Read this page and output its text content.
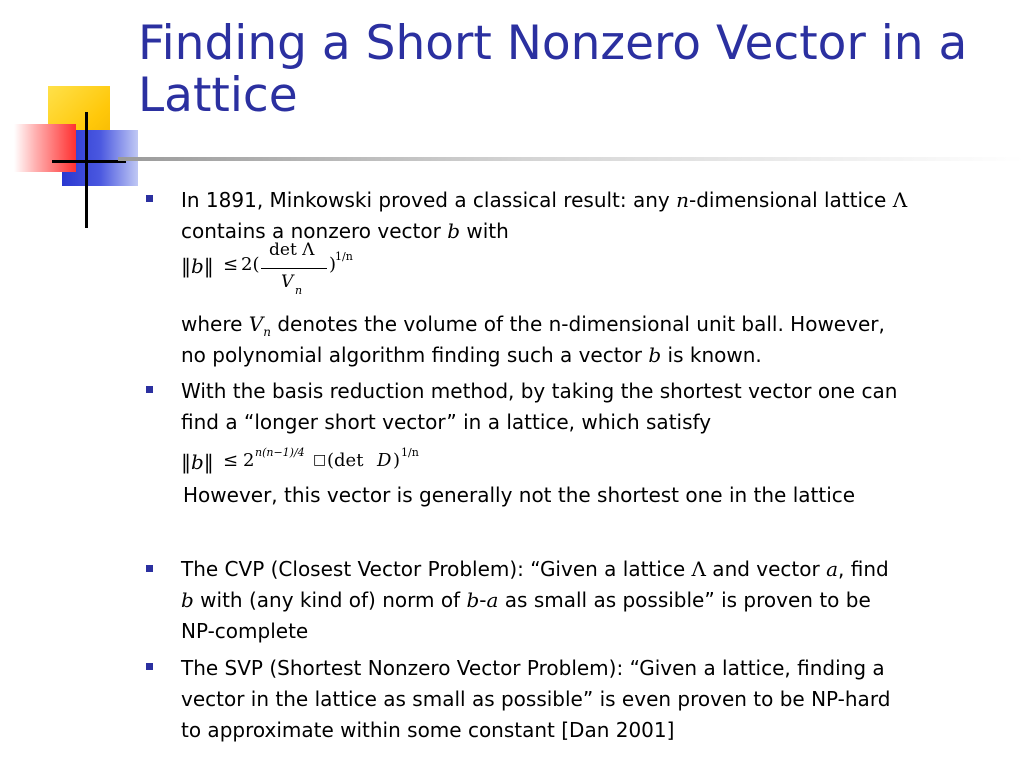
Finding a Short Nonzero Vector in a Lattice
In 1891, Minkowski proved a classical result: any n-dimensional lattice Λ
contains a nonzero vector b with
‖b‖ ≤ 2(
det Λ
V n
)
1/n
where $V_n$ denotes the volume of the n-dimensional unit ball. However,
no polynomial algorithm finding such a vector b is known.
With the basis reduction method, by taking the shortest vector one can
find a “longer short vector” in a lattice, which satisfy
‖b‖ ≤ 2 n(n−1)/4 □ (det D ) 1/n
However, this vector is generally not the shortest one in the lattice
The CVP (Closest Vector Problem): “Given a lattice Λ and vector a, find
b with (any kind of) norm of b-a as small as possible” is proven to be
NP-complete
The SVP (Shortest Nonzero Vector Problem): “Given a lattice, finding a
vector in the lattice as small as possible” is even proven to be NP-hard
to approximate within some constant [Dan 2001]
